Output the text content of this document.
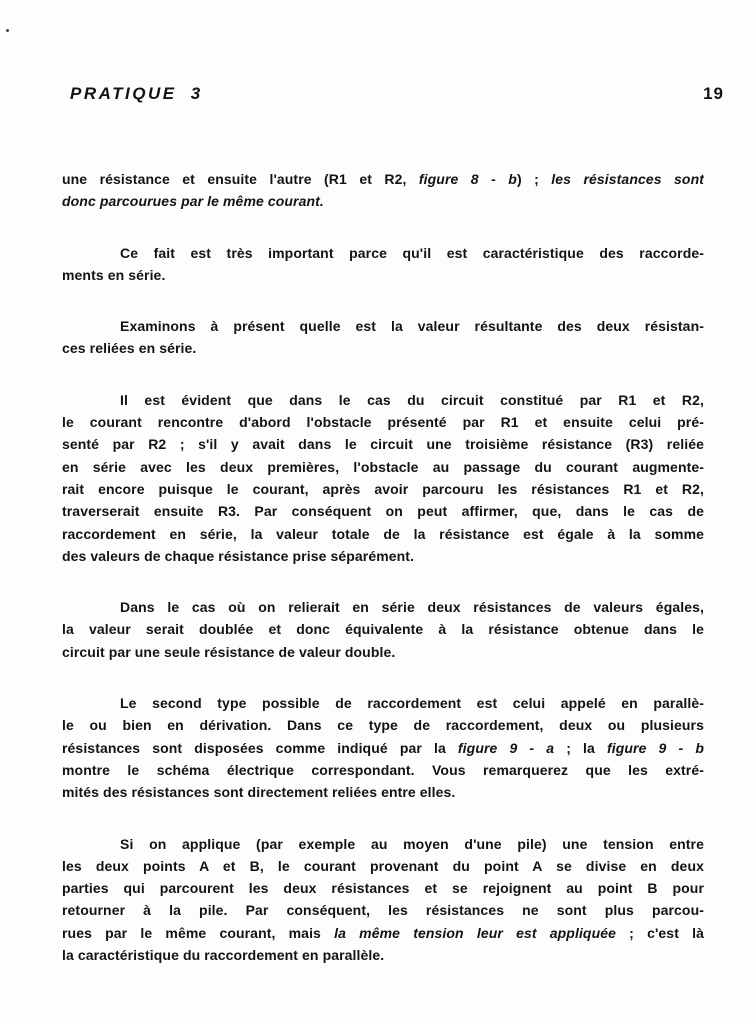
PRATIQUE 3	19
une résistance et ensuite l'autre (R1 et R2, figure 8 - b) ; les résistances sont
donc parcourues par le même courant.
Ce fait est très important parce qu'il est caractéristique des raccorde-
ments en série.
Examinons à présent quelle est la valeur résultante des deux résistan-
ces reliées en série.
Il est évident que dans le cas du circuit constitué par R1 et R2,
le courant rencontre d'abord l'obstacle présenté par R1 et ensuite celui pré-
senté par R2 ; s'il y avait dans le circuit une troisième résistance (R3) reliée
en série avec les deux premières, l'obstacle au passage du courant augmente-
rait encore puisque le courant, après avoir parcouru les résistances R1 et R2,
traverserait ensuite R3. Par conséquent on peut affirmer, que, dans le cas de
raccordement en série, la valeur totale de la résistance est égale à la somme
des valeurs de chaque résistance prise séparément.
Dans le cas où on relierait en série deux résistances de valeurs égales,
la valeur serait doublée et donc équivalente à la résistance obtenue dans le
circuit par une seule résistance de valeur double.
Le second type possible de raccordement est celui appelé en parallè-
le ou bien en dérivation. Dans ce type de raccordement, deux ou plusieurs
résistances sont disposées comme indiqué par la figure 9 - a ; la figure 9 - b
montre le schéma électrique correspondant. Vous remarquerez que les extré-
mités des résistances sont directement reliées entre elles.
Si on applique (par exemple au moyen d'une pile) une tension entre
les deux points A et B, le courant provenant du point A se divise en deux
parties qui parcourent les deux résistances et se rejoignent au point B pour
retourner à la pile. Par conséquent, les résistances ne sont plus parcou-
rues par le même courant, mais la même tension leur est appliquée ; c'est là
la caractéristique du raccordement en parallèle.
